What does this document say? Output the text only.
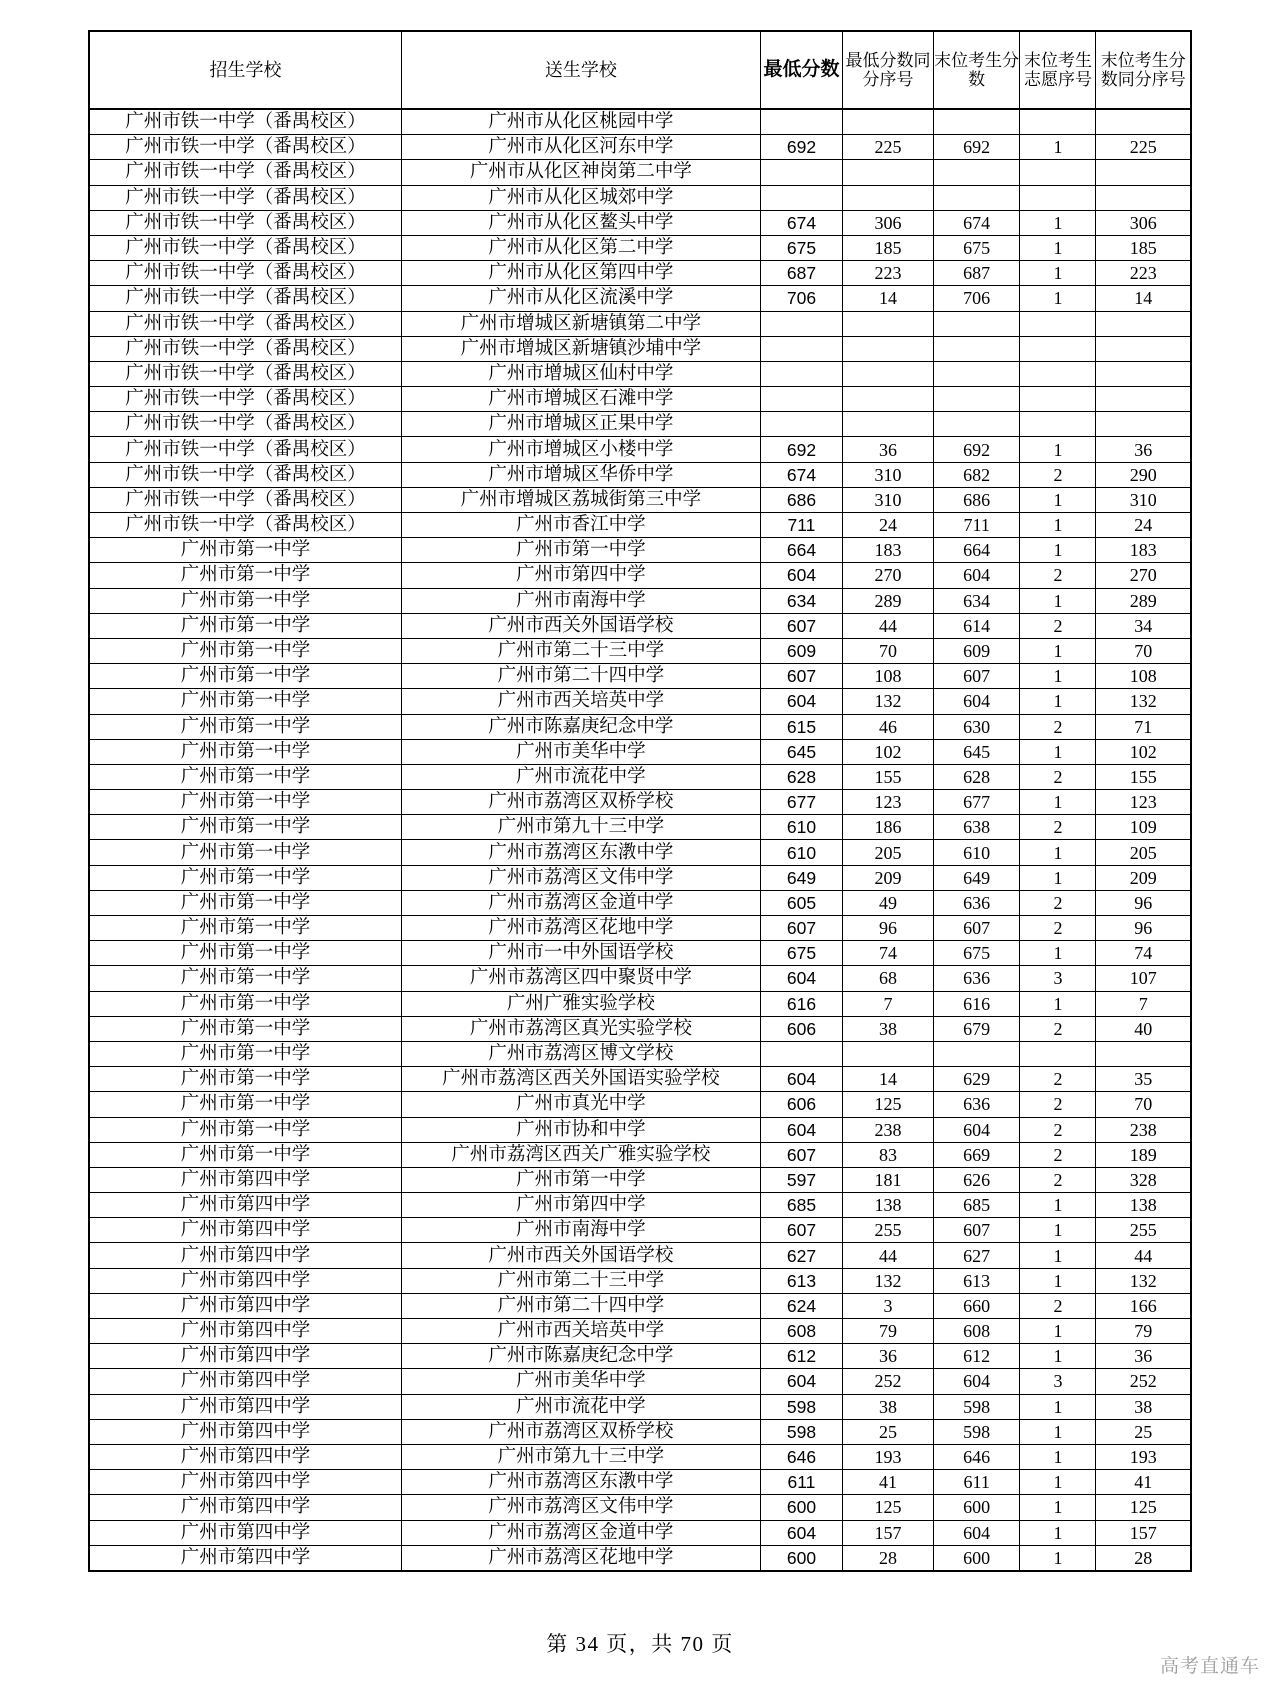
招生学校	送生学校	最低分数	最低分数同分序号	末位考生分数	末位考生志愿序号	末位考生分数同分序号
广州市铁一中学（番禺校区）	广州市从化区桃园中学					
广州市铁一中学（番禺校区）	广州市从化区河东中学	692	225	692	1	225
广州市铁一中学（番禺校区）	广州市从化区神岗第二中学					
广州市铁一中学（番禺校区）	广州市从化区城郊中学					
广州市铁一中学（番禺校区）	广州市从化区鳌头中学	674	306	674	1	306
广州市铁一中学（番禺校区）	广州市从化区第二中学	675	185	675	1	185
广州市铁一中学（番禺校区）	广州市从化区第四中学	687	223	687	1	223
广州市铁一中学（番禺校区）	广州市从化区流溪中学	706	14	706	1	14
广州市铁一中学（番禺校区）	广州市增城区新塘镇第二中学					
广州市铁一中学（番禺校区）	广州市增城区新塘镇沙埔中学					
广州市铁一中学（番禺校区）	广州市增城区仙村中学					
广州市铁一中学（番禺校区）	广州市增城区石滩中学					
广州市铁一中学（番禺校区）	广州市增城区正果中学					
广州市铁一中学（番禺校区）	广州市增城区小楼中学	692	36	692	1	36
广州市铁一中学（番禺校区）	广州市增城区华侨中学	674	310	682	2	290
广州市铁一中学（番禺校区）	广州市增城区荔城街第三中学	686	310	686	1	310
广州市铁一中学（番禺校区）	广州市香江中学	711	24	711	1	24
广州市第一中学	广州市第一中学	664	183	664	1	183
广州市第一中学	广州市第四中学	604	270	604	2	270
广州市第一中学	广州市南海中学	634	289	634	1	289
广州市第一中学	广州市西关外国语学校	607	44	614	2	34
广州市第一中学	广州市第二十三中学	609	70	609	1	70
广州市第一中学	广州市第二十四中学	607	108	607	1	108
广州市第一中学	广州市西关培英中学	604	132	604	1	132
广州市第一中学	广州市陈嘉庚纪念中学	615	46	630	2	71
广州市第一中学	广州市美华中学	645	102	645	1	102
广州市第一中学	广州市流花中学	628	155	628	2	155
广州市第一中学	广州市荔湾区双桥学校	677	123	677	1	123
广州市第一中学	广州市第九十三中学	610	186	638	2	109
广州市第一中学	广州市荔湾区东漖中学	610	205	610	1	205
广州市第一中学	广州市荔湾区文伟中学	649	209	649	1	209
广州市第一中学	广州市荔湾区金道中学	605	49	636	2	96
广州市第一中学	广州市荔湾区花地中学	607	96	607	2	96
广州市第一中学	广州市一中外国语学校	675	74	675	1	74
广州市第一中学	广州市荔湾区四中聚贤中学	604	68	636	3	107
广州市第一中学	广州广雅实验学校	616	7	616	1	7
广州市第一中学	广州市荔湾区真光实验学校	606	38	679	2	40
广州市第一中学	广州市荔湾区博文学校					
广州市第一中学	广州市荔湾区西关外国语实验学校	604	14	629	2	35
广州市第一中学	广州市真光中学	606	125	636	2	70
广州市第一中学	广州市协和中学	604	238	604	2	238
广州市第一中学	广州市荔湾区西关广雅实验学校	607	83	669	2	189
广州市第四中学	广州市第一中学	597	181	626	2	328
广州市第四中学	广州市第四中学	685	138	685	1	138
广州市第四中学	广州市南海中学	607	255	607	1	255
广州市第四中学	广州市西关外国语学校	627	44	627	1	44
广州市第四中学	广州市第二十三中学	613	132	613	1	132
广州市第四中学	广州市第二十四中学	624	3	660	2	166
广州市第四中学	广州市西关培英中学	608	79	608	1	79
广州市第四中学	广州市陈嘉庚纪念中学	612	36	612	1	36
广州市第四中学	广州市美华中学	604	252	604	3	252
广州市第四中学	广州市流花中学	598	38	598	1	38
广州市第四中学	广州市荔湾区双桥学校	598	25	598	1	25
广州市第四中学	广州市第九十三中学	646	193	646	1	193
广州市第四中学	广州市荔湾区东漖中学	611	41	611	1	41
广州市第四中学	广州市荔湾区文伟中学	600	125	600	1	125
广州市第四中学	广州市荔湾区金道中学	604	157	604	1	157
广州市第四中学	广州市荔湾区花地中学	600	28	600	1	28
第 34 页，共 70 页
高考直通车
